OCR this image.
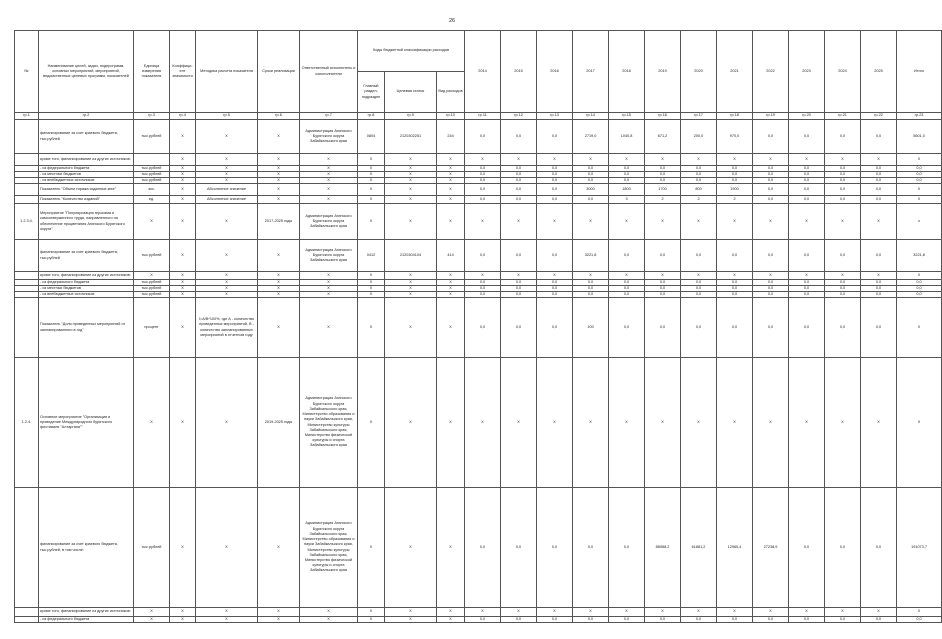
26
№	Наименование целей, задач, подпрограмм, основных мероприятий, мероприятий, ведомственных целевых программ, показателей	Единица измерения показателя	Коэффици-ент значимости	Методика расчета показателя	Сроки реализации	Ответственный исполнитель и соисполнители	Коды бюджетной классификации расходов			2014	2015	2016	2017	2018	2019	2020	2021	2022	2023	2024	2025	Итого
							Главный раздел, подраздел	Целевая статья	Вид расходов													
гр.1	гр.2	гр.3	гр.4	гр.5	гр.6	гр.7	гр.8	гр.9	гр.10	гр.11	гр.12	гр.13	гр.14	гр.15	гр.16	гр.17	гр.18	гр.19	гр.20	гр.21	гр.22	гр.23
	финансирование за счет краевого бюджета, тыс.рублей	тыс.рублей	X	X	X	Администрация Агинского Бурятского округа Забайкальского края	0804	2120302251	244	0,0	0,0	0,0	2719,0	1040,8	671,2	200,0	970,0	0,0	0,0	0,0	0,0	5601,0
	кроме того, финансирование из других источников:		X	X	X	X	X	X	X	X	X	X	X	X	X	X	X	X	X	X	X	X
	- из федерального бюджета	тыс.рублей	X	X	X	X	X	X	X	0,0	0,0	0,0	0,0	0,0	0,0	0,0	0,0	0,0	0,0	0,0	0,0	0,0
	- из местных бюджетов	тыс.рублей	X	X	X	X	X	X	X	0,0	0,0	0,0	0,0	0,0	0,0	0,0	0,0	0,0	0,0	0,0	0,0	0,0
	- из внебюджетных источников	тыс.рублей	X	X	X	X	X	X	X	0,0	0,0	0,0	0,0	0,0	0,0	0,0	0,0	0,0	0,0	0,0	0,0	0,0
	Показатель "Объем тиража изданных книг"	экз.	X	Абсолютное значение	X	X	X	X	X	0,0	0,0	0,0	3000	1800	1700	800	1900	0,0	0,0	0,0	0,0	X
	Показатель "Количество изданий"	ед.	X	Абсолютное значение	X	X	X	X	X	0,0	0,0	0,0	0,0	3	2	2	2	0,0	0,0	0,0	0,0	X
1.2.3.4.	Мероприятие "Популяризация героизма и самоотверженного труда, направленного на обеспечение процветания Агинского Бурятского округа"	X	X	X	2017-2025 годы	Администрация Агинского Бурятского округа Забайкальского края	X	X	X	X	X	X	X	X	X	X	X	X	X	X	X	x
	финансирование за счет краевого бюджета, тыс.рублей	тыс.рублей	X	X	X	Администрация Агинского Бурятского округа Забайкальского края	0412	2120304104	414	0,0	0,0	0,0	3221,8	0,0	0,0	0,0	0,0	0,0	0,0	0,0	0,0	3221,8
	кроме того, финансирование из других источников:	X	X	X	X	X	X	X	X	X	X	X	X	X	X	X	X	X	X	X	X	X
	- из федерального бюджета	тыс.рублей	X	X	X	X	X	X	X	0,0	0,0	0,0	0,0	0,0	0,0	0,0	0,0	0,0	0,0	0,0	0,0	0,0
	- из местных бюджетов	тыс.рублей	X	X	X	X	X	X	X	0,0	0,0	0,0	0,0	0,0	0,0	0,0	0,0	0,0	0,0	0,0	0,0	0,0
	- из внебюджетных источников	тыс.рублей	X	X	X	X	X	X	X	0,0	0,0	0,0	0,0	0,0	0,0	0,0	0,0	0,0	0,0	0,0	0,0	0,0
	Показатель "Доля проведенных мероприятий от запланированного в год"	процент	X	I=A/B*100%, где А - количество проведенных мероприятий, B - количество запланированных мероприятий в отчетном году	X	X	X	X	X	0,0	0,0	0,0	100	0,0	0,0	0,0	0,0	0,0	0,0	0,0	0,0	X
1.2.4.	Основное мероприятие "Организация и проведение Международного бурятского фестиваля "Алтаргана""	X	X	X	2019-2025 годы	Администрация Агинского Бурятского округа Забайкальского края, Министерство образования и науки Забайкальского края, Министерство культуры Забайкальского края, Министерство физической культуры и спорта Забайкальского края	X	X	X	X	X	X	X	X	X	X	X	X	X	X	X	X
	финансирование за счет краевого бюджета, тыс.рублей, в том числе:	тыс.рублей	X	X	X	Администрация Агинского Бурятского округа Забайкальского края, Министерство образования и науки Забайкальского края, Министерство культуры Забайкальского края, Министерство физической культуры и спорта Забайкальского края	X	X	X	0,0	0,0	0,0	0,0	0,0	88988,2	61881,2	12965,4	27238,9	0,0	0,0	0,0	191073,7
	кроме того, финансирование из других источников:	X	X	X	X	X	X	X	X	X	X	X	X	X	X	X	X	X	X	X	X	X
	- из федерального бюджета	X	X	X	X	X	X	X	X	0,0	0,0	0,0	0,0	0,0	0,0	0,0	0,0	0,0	0,0	0,0	0,0	0,0
